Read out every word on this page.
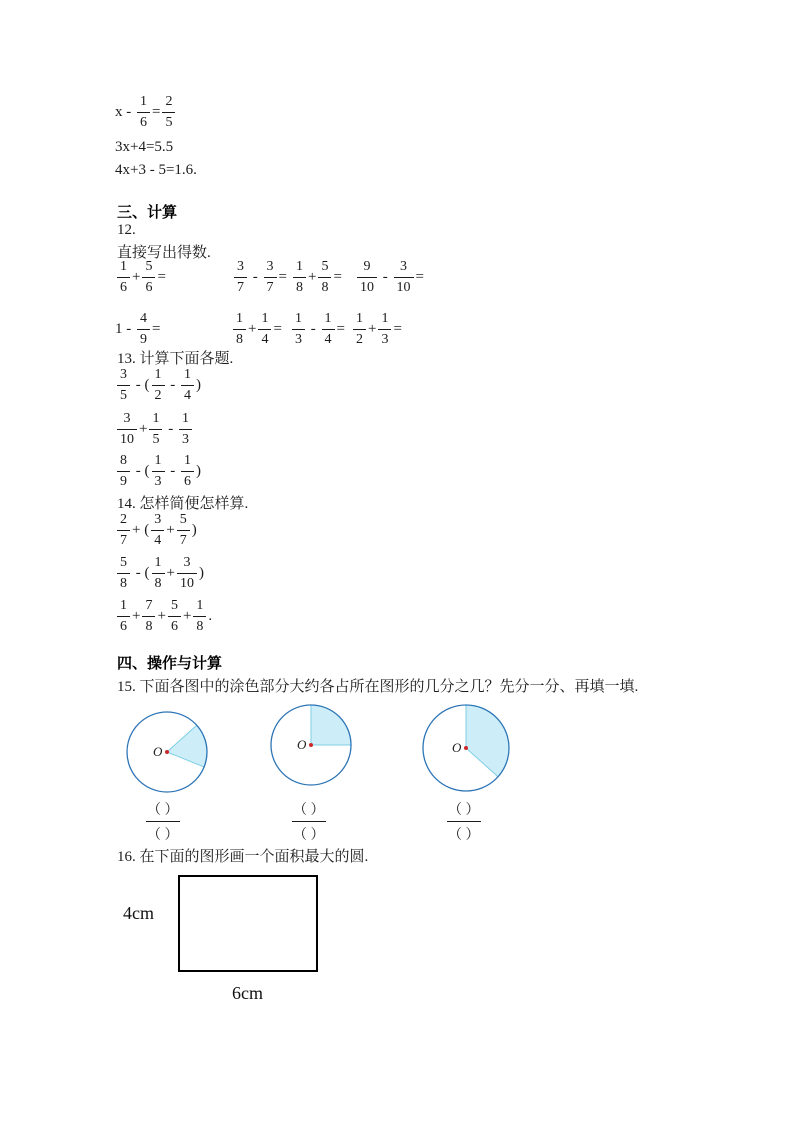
$x - \frac{1}{6} = \frac{2}{5}$
3x+4=5.5
4x+3 - 5=1.6.
三、计算
12.
直接写出得数.
$\frac{1}{6} + \frac{5}{6}$ =	$\frac{3}{7} - \frac{3}{7} = \frac{1}{8} + \frac{5}{8} = \frac{9}{10} - \frac{3}{10}$ =
$1 - \frac{4}{9}$ =	$\frac{1}{8} + \frac{1}{4} = \frac{1}{3} - \frac{1}{4} = \frac{1}{2} + \frac{1}{3}$ =
13. 计算下面各题.
$\frac{3}{5}$ - ( $\frac{1}{2} - \frac{1}{4}$ )
$\frac{3}{10} + \frac{1}{5} - \frac{1}{3}$
$\frac{8}{9}$ - ( $\frac{1}{3} - \frac{1}{6}$ )
14. 怎样简便怎样算.
$\frac{2}{7}$ + ( $\frac{3}{4} + \frac{5}{7}$ )
$\frac{5}{8}$ - ( $\frac{1}{8} + \frac{3}{10}$ )
$\frac{1}{6} + \frac{7}{8} + \frac{5}{6} + \frac{1}{8}$ .
四、操作与计算
15. 下面各图中的涂色部分大约各占所在图形的几分之几？先分一分、再填一填.
O	O	O
（ ）
（ ）
（ ）
（ ）
（ ）
（ ）
16. 在下面的图形画一个面积最大的圆.
4cm
6cm
